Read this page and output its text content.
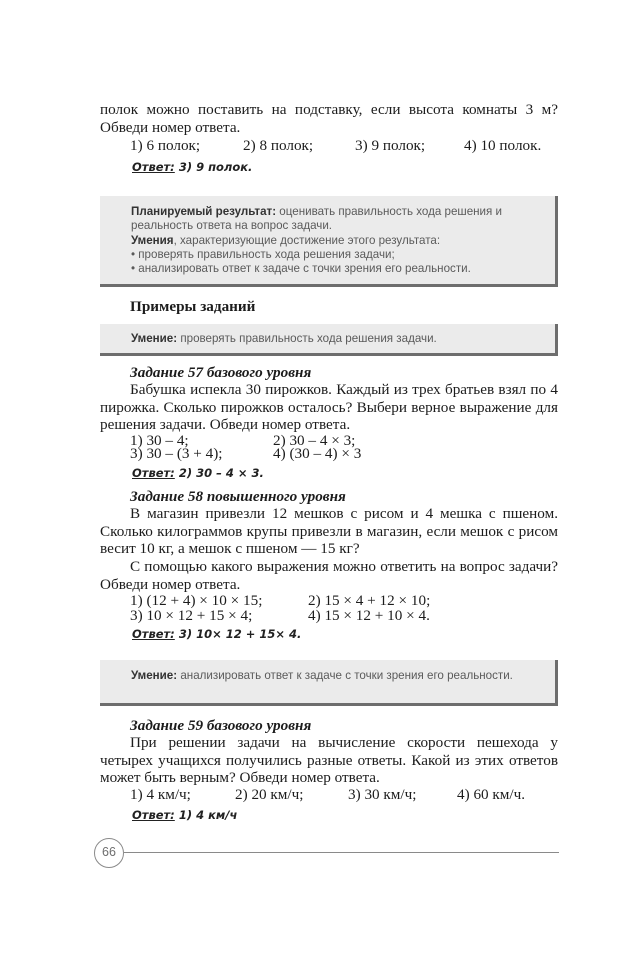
полок можно поставить на подставку, если высота комнаты 3 м? Обведи номер ответа.

1) 6 полок;	2) 8 полок;	3) 9 полок;	4) 10 полок.
Ответ: 3) 9 полок.
Планируемый результат: оценивать правильность хода решения и реальность ответа на вопрос задачи.
Умения, характеризующие достижение этого результата:
• проверять правильность хода решения задачи;
• анализировать ответ к задаче с точки зрения его реальности.
Примеры заданий
Умение: проверять правильность хода решения задачи.
Задание 57 базового уровня

Бабушка испекла 30 пирожков. Каждый из трех братьев взял по 4 пирожка. Сколько пирожков осталось? Выбери верное выражение для решения задачи. Обведи номер ответа.

1) 30 – 4;	2) 30 – 4 × 3;
3) 30 – (3 + 4);	4) (30 – 4) × 3
Ответ: 2) 30 – 4 × 3.
Задание 58 повышенного уровня

В магазин привезли 12 мешков с рисом и 4 мешка с пшеном. Сколько килограммов крупы привезли в магазин, если мешок с рисом весит 10 кг, а мешок с пшеном — 15 кг?

С помощью какого выражения можно ответить на вопрос задачи? Обведи номер ответа.

1) (12 + 4) × 10 × 15;	2) 15 × 4 + 12 × 10;
3) 10 × 12 + 15 × 4;	4) 15 × 12 + 10 × 4.
Ответ: 3) 10× 12 + 15× 4.
Умение: анализировать ответ к задаче с точки зрения его реальности.
Задание 59 базового уровня

При решении задачи на вычисление скорости пешехода у четырех учащихся получились разные ответы. Какой из этих ответов может быть верным? Обведи номер ответа.

1) 4 км/ч;	2) 20 км/ч;	3) 30 км/ч;	4) 60 км/ч.
Ответ: 1) 4 км/ч
66
